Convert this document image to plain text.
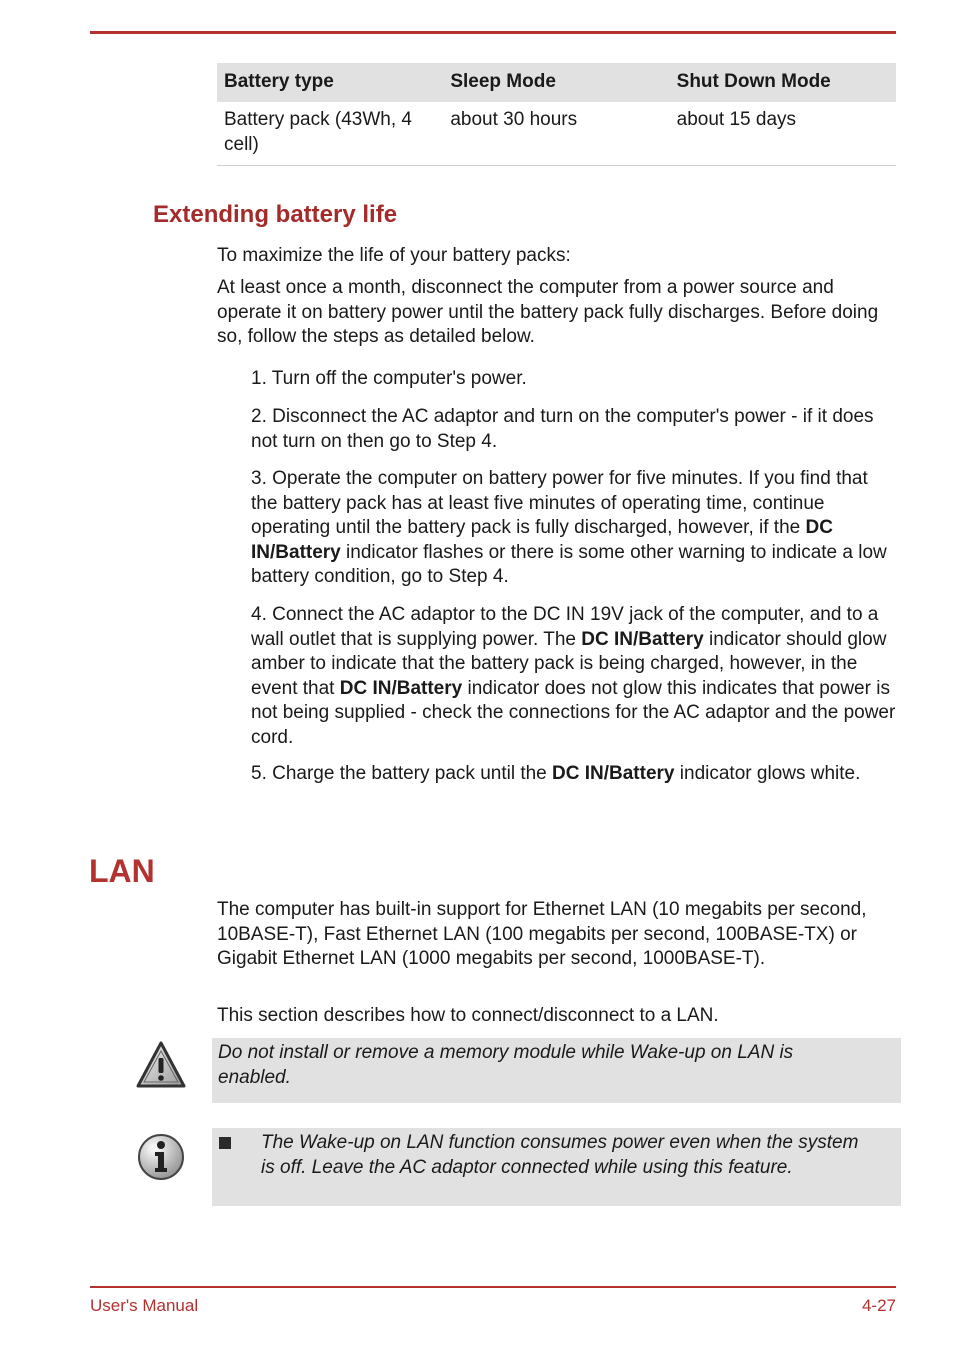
Battery type	Sleep Mode	Shut Down Mode
Battery pack (43Wh, 4 cell)	about 30 hours	about 15 days
Extending battery life

To maximize the life of your battery packs:

At least once a month, disconnect the computer from a power source and operate it on battery power until the battery pack fully discharges. Before doing so, follow the steps as detailed below.

1. Turn off the computer's power.

2. Disconnect the AC adaptor and turn on the computer's power - if it does not turn on then go to Step 4.

3. Operate the computer on battery power for five minutes. If you find that the battery pack has at least five minutes of operating time, continue operating until the battery pack is fully discharged, however, if the DC IN/Battery indicator flashes or there is some other warning to indicate a low battery condition, go to Step 4.

4. Connect the AC adaptor to the DC IN 19V jack of the computer, and to a wall outlet that is supplying power. The DC IN/Battery indicator should glow amber to indicate that the battery pack is being charged, however, in the event that DC IN/Battery indicator does not glow this indicates that power is not being supplied - check the connections for the AC adaptor and the power cord.

5. Charge the battery pack until the DC IN/Battery indicator glows white.

LAN

The computer has built-in support for Ethernet LAN (10 megabits per second, 10BASE-T), Fast Ethernet LAN (100 megabits per second, 100BASE-TX) or Gigabit Ethernet LAN (1000 megabits per second, 1000BASE-T).

This section describes how to connect/disconnect to a LAN.

Do not install or remove a memory module while Wake-up on LAN is enabled.
The Wake-up on LAN function consumes power even when the system is off. Leave the AC adaptor connected while using this feature.
User's Manual	4-27
